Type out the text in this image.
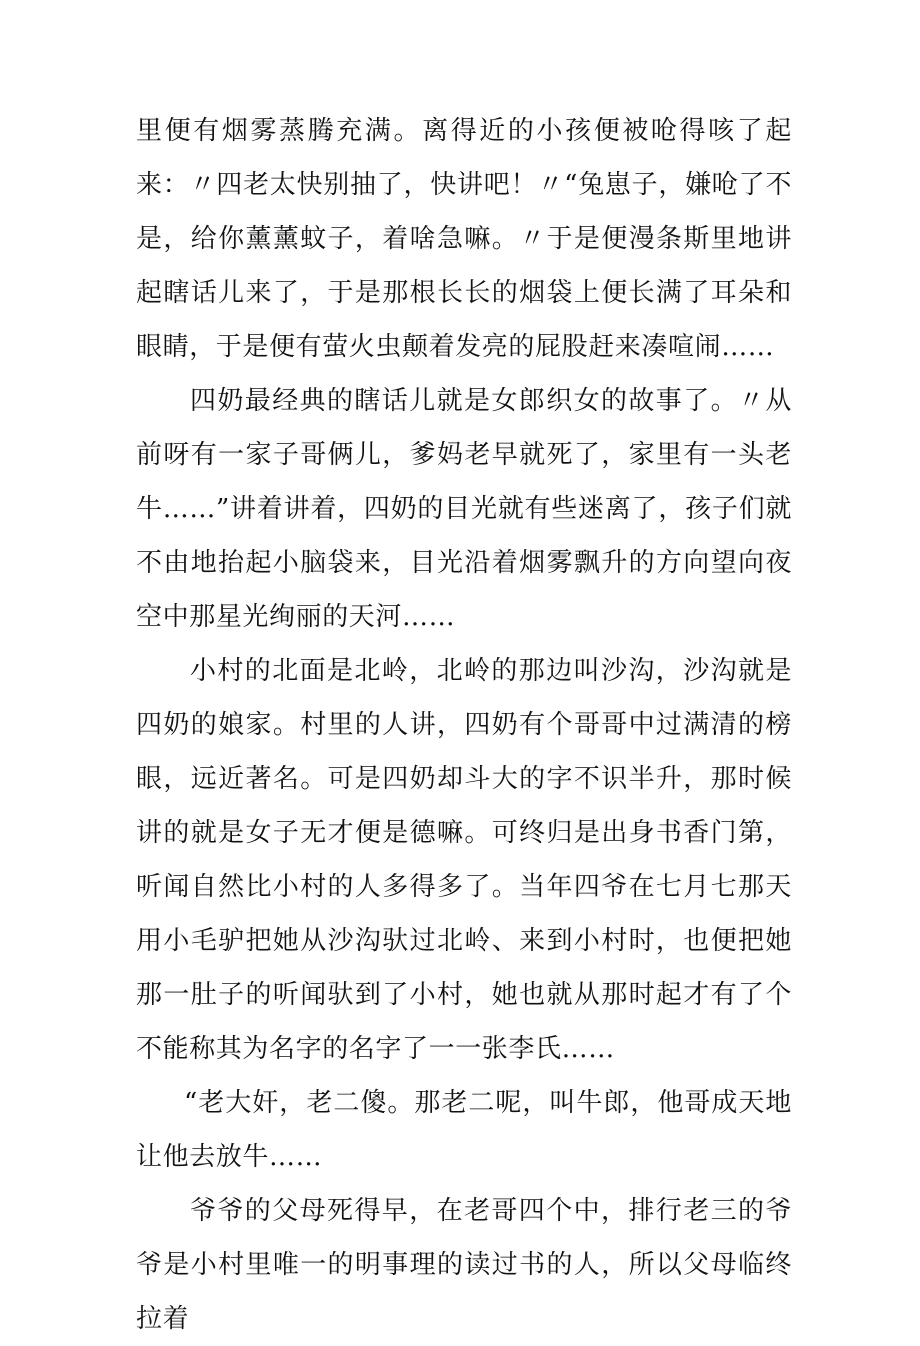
里便有烟雾蒸腾充满。离得近的小孩便被呛得咳了起来：〃四老太快别抽了，快讲吧！〃“兔崽子，嫌呛了不是，给你薰薰蚊子，着啥急嘛。〃于是便漫条斯里地讲起瞎话儿来了，于是那根长长的烟袋上便长满了耳朵和眼睛，于是便有萤火虫颠着发亮的屁股赶来凑喧闹……

四奶最经典的瞎话儿就是女郎织女的故事了。〃从前呀有一家子哥俩儿，爹妈老早就死了，家里有一头老牛……”讲着讲着，四奶的目光就有些迷离了，孩子们就不由地抬起小脑袋来，目光沿着烟雾飘升的方向望向夜空中那星光绚丽的天河……

小村的北面是北岭，北岭的那边叫沙沟，沙沟就是四奶的娘家。村里的人讲，四奶有个哥哥中过满清的榜眼，远近著名。可是四奶却斗大的字不识半升，那时候讲的就是女子无才便是德嘛。可终归是出身书香门第，听闻自然比小村的人多得多了。当年四爷在七月七那天用小毛驴把她从沙沟驮过北岭、来到小村时，也便把她那一肚子的听闻驮到了小村，她也就从那时起才有了个不能称其为名字的名字了一一张李氏……

“老大奸，老二傻。那老二呢，叫牛郎，他哥成天地让他去放牛……

爷爷的父母死得早，在老哥四个中，排行老三的爷爷是小村里唯一的明事理的读过书的人，所以父母临终拉着
